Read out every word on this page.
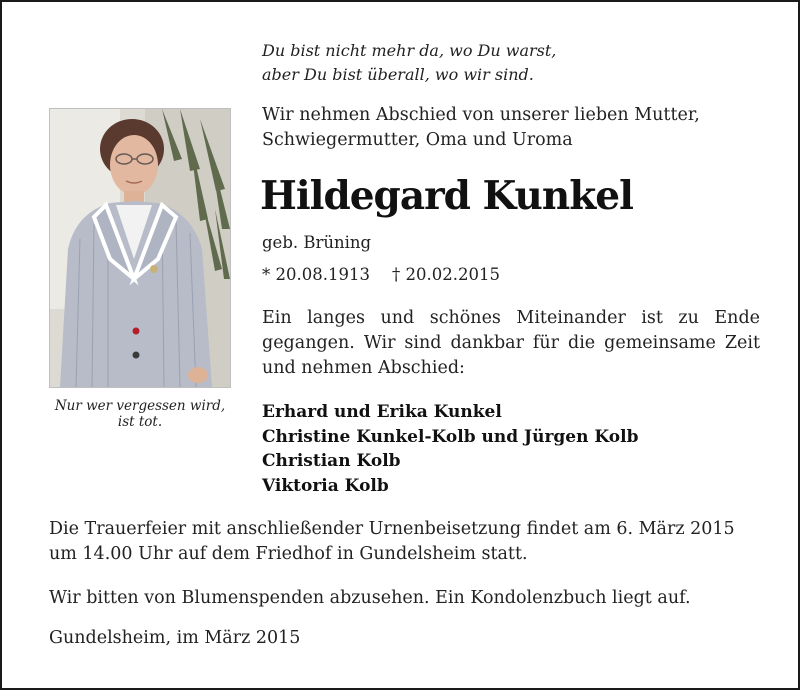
Du bist nicht mehr da, wo Du warst,
aber Du bist überall, wo wir sind.
Nur wer vergessen wird,
ist tot.
Wir nehmen Abschied von unserer lieben Mutter,
Schwiegermutter, Oma und Uroma
Hildegard Kunkel
geb. Brüning
* 20.08.1913 † 20.02.2015
Ein langes und schönes Miteinander ist zu Ende gegangen. Wir sind dankbar für die gemeinsame Zeit und nehmen Abschied:
Erhard und Erika Kunkel
Christine Kunkel-Kolb und Jürgen Kolb
Christian Kolb
Viktoria Kolb
Die Trauerfeier mit anschließender Urnenbeisetzung findet am 6. März 2015
um 14.00 Uhr auf dem Friedhof in Gundelsheim statt.
Wir bitten von Blumenspenden abzusehen. Ein Kondolenzbuch liegt auf.
Gundelsheim, im März 2015
